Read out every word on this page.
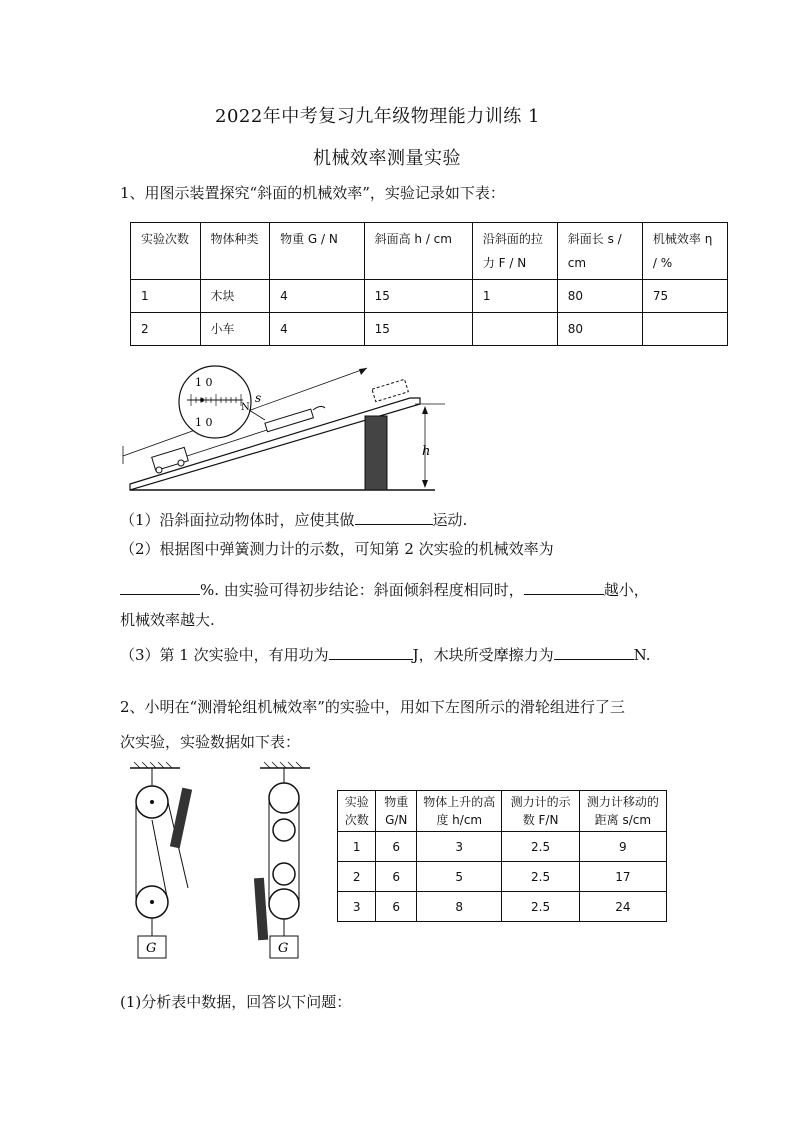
2022年中考复习九年级物理能力训练 1
机械效率测量实验
1、用图示装置探究“斜面的机械效率”，实验记录如下表：
实验次数	物体种类	物重 G / N	斜面高 h / cm	沿斜面的拉力 F / N	斜面长 s / cm	机械效率 η / %
1	木块	4	15	1	80	75
2	小车	4	15		80	
h
s
1 0
1 0
N
（1）沿斜面拉动物体时，应使其做	运动.
（2）根据图中弹簧测力计的示数，可知第 2 次实验的机械效率为
%. 由实验可得初步结论：斜面倾斜程度相同时，	越小，
机械效率越大.
（3）第 1 次实验中，有用功为	J，木块所受摩擦力为	N.
2、小明在“测滑轮组机械效率”的实验中，用如下左图所示的滑轮组进行了三
次实验，实验数据如下表：
G	G
实验次数	物重 G/N	物体上升的高度 h/cm	测力计的示数 F/N	测力计移动的距离 s/cm
1	6	3	2.5	9
2	6	5	2.5	17
3	6	8	2.5	24
(1)分析表中数据，回答以下问题：
